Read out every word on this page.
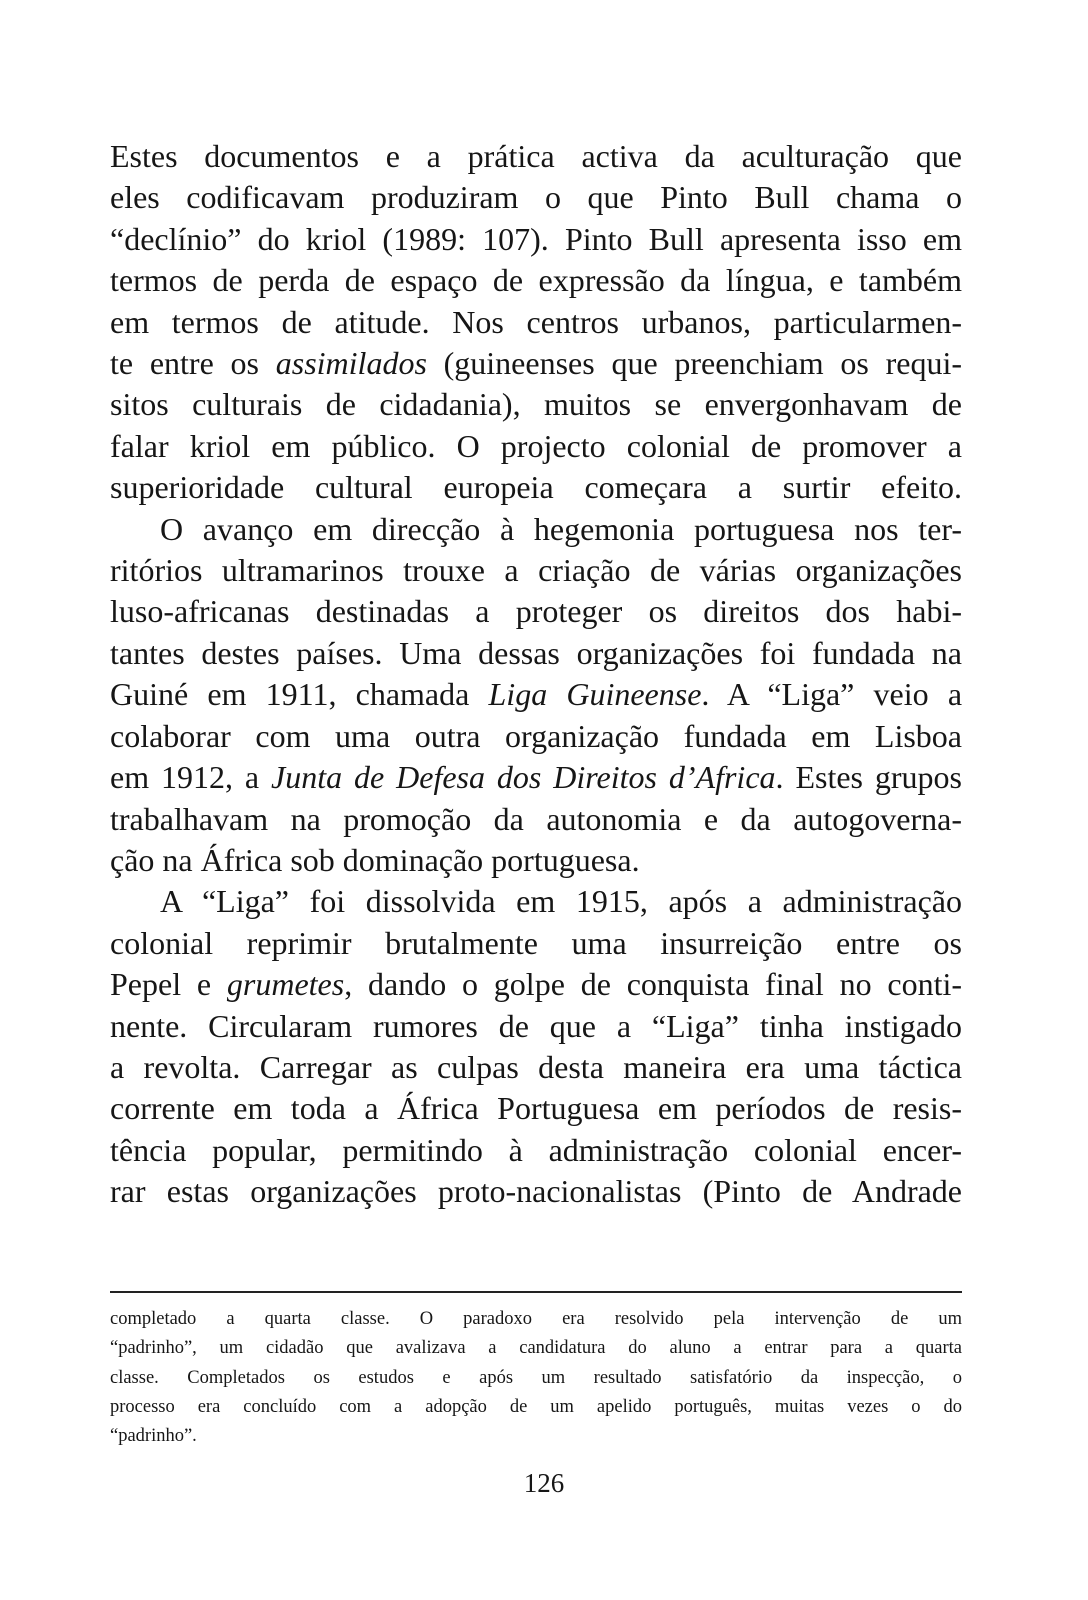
Estes documentos e a prática activa da aculturação que
eles codificavam produziram o que Pinto Bull chama o
“declínio” do kriol (1989: 107). Pinto Bull apresenta isso em
termos de perda de espaço de expressão da língua, e também
em termos de atitude. Nos centros urbanos, particularmen-
te entre os assimilados (guineenses que preenchiam os requi-
sitos culturais de cidadania), muitos se envergonhavam de
falar kriol em público. O projecto colonial de promover a
superioridade cultural europeia começara a surtir efeito.
O avanço em direcção à hegemonia portuguesa nos ter-
ritórios ultramarinos trouxe a criação de várias organizações
luso-africanas destinadas a proteger os direitos dos habi-
tantes destes países. Uma dessas organizações foi fundada na
Guiné em 1911, chamada Liga Guineense. A “Liga” veio a
colaborar com uma outra organização fundada em Lisboa
em 1912, a Junta de Defesa dos Direitos d’Africa. Estes grupos
trabalhavam na promoção da autonomia e da autogoverna-
ção na África sob dominação portuguesa.
A “Liga” foi dissolvida em 1915, após a administração
colonial reprimir brutalmente uma insurreição entre os
Pepel e grumetes, dando o golpe de conquista final no conti-
nente. Circularam rumores de que a “Liga” tinha instigado
a revolta. Carregar as culpas desta maneira era uma táctica
corrente em toda a África Portuguesa em períodos de resis-
tência popular, permitindo à administração colonial encer-
rar estas organizações proto-nacionalistas (Pinto de Andrade
completado a quarta classe. O paradoxo era resolvido pela intervenção de um
“padrinho”, um cidadão que avalizava a candidatura do aluno a entrar para a quarta
classe. Completados os estudos e após um resultado satisfatório da inspecção, o
processo era concluído com a adopção de um apelido português, muitas vezes o do
“padrinho”.
126
